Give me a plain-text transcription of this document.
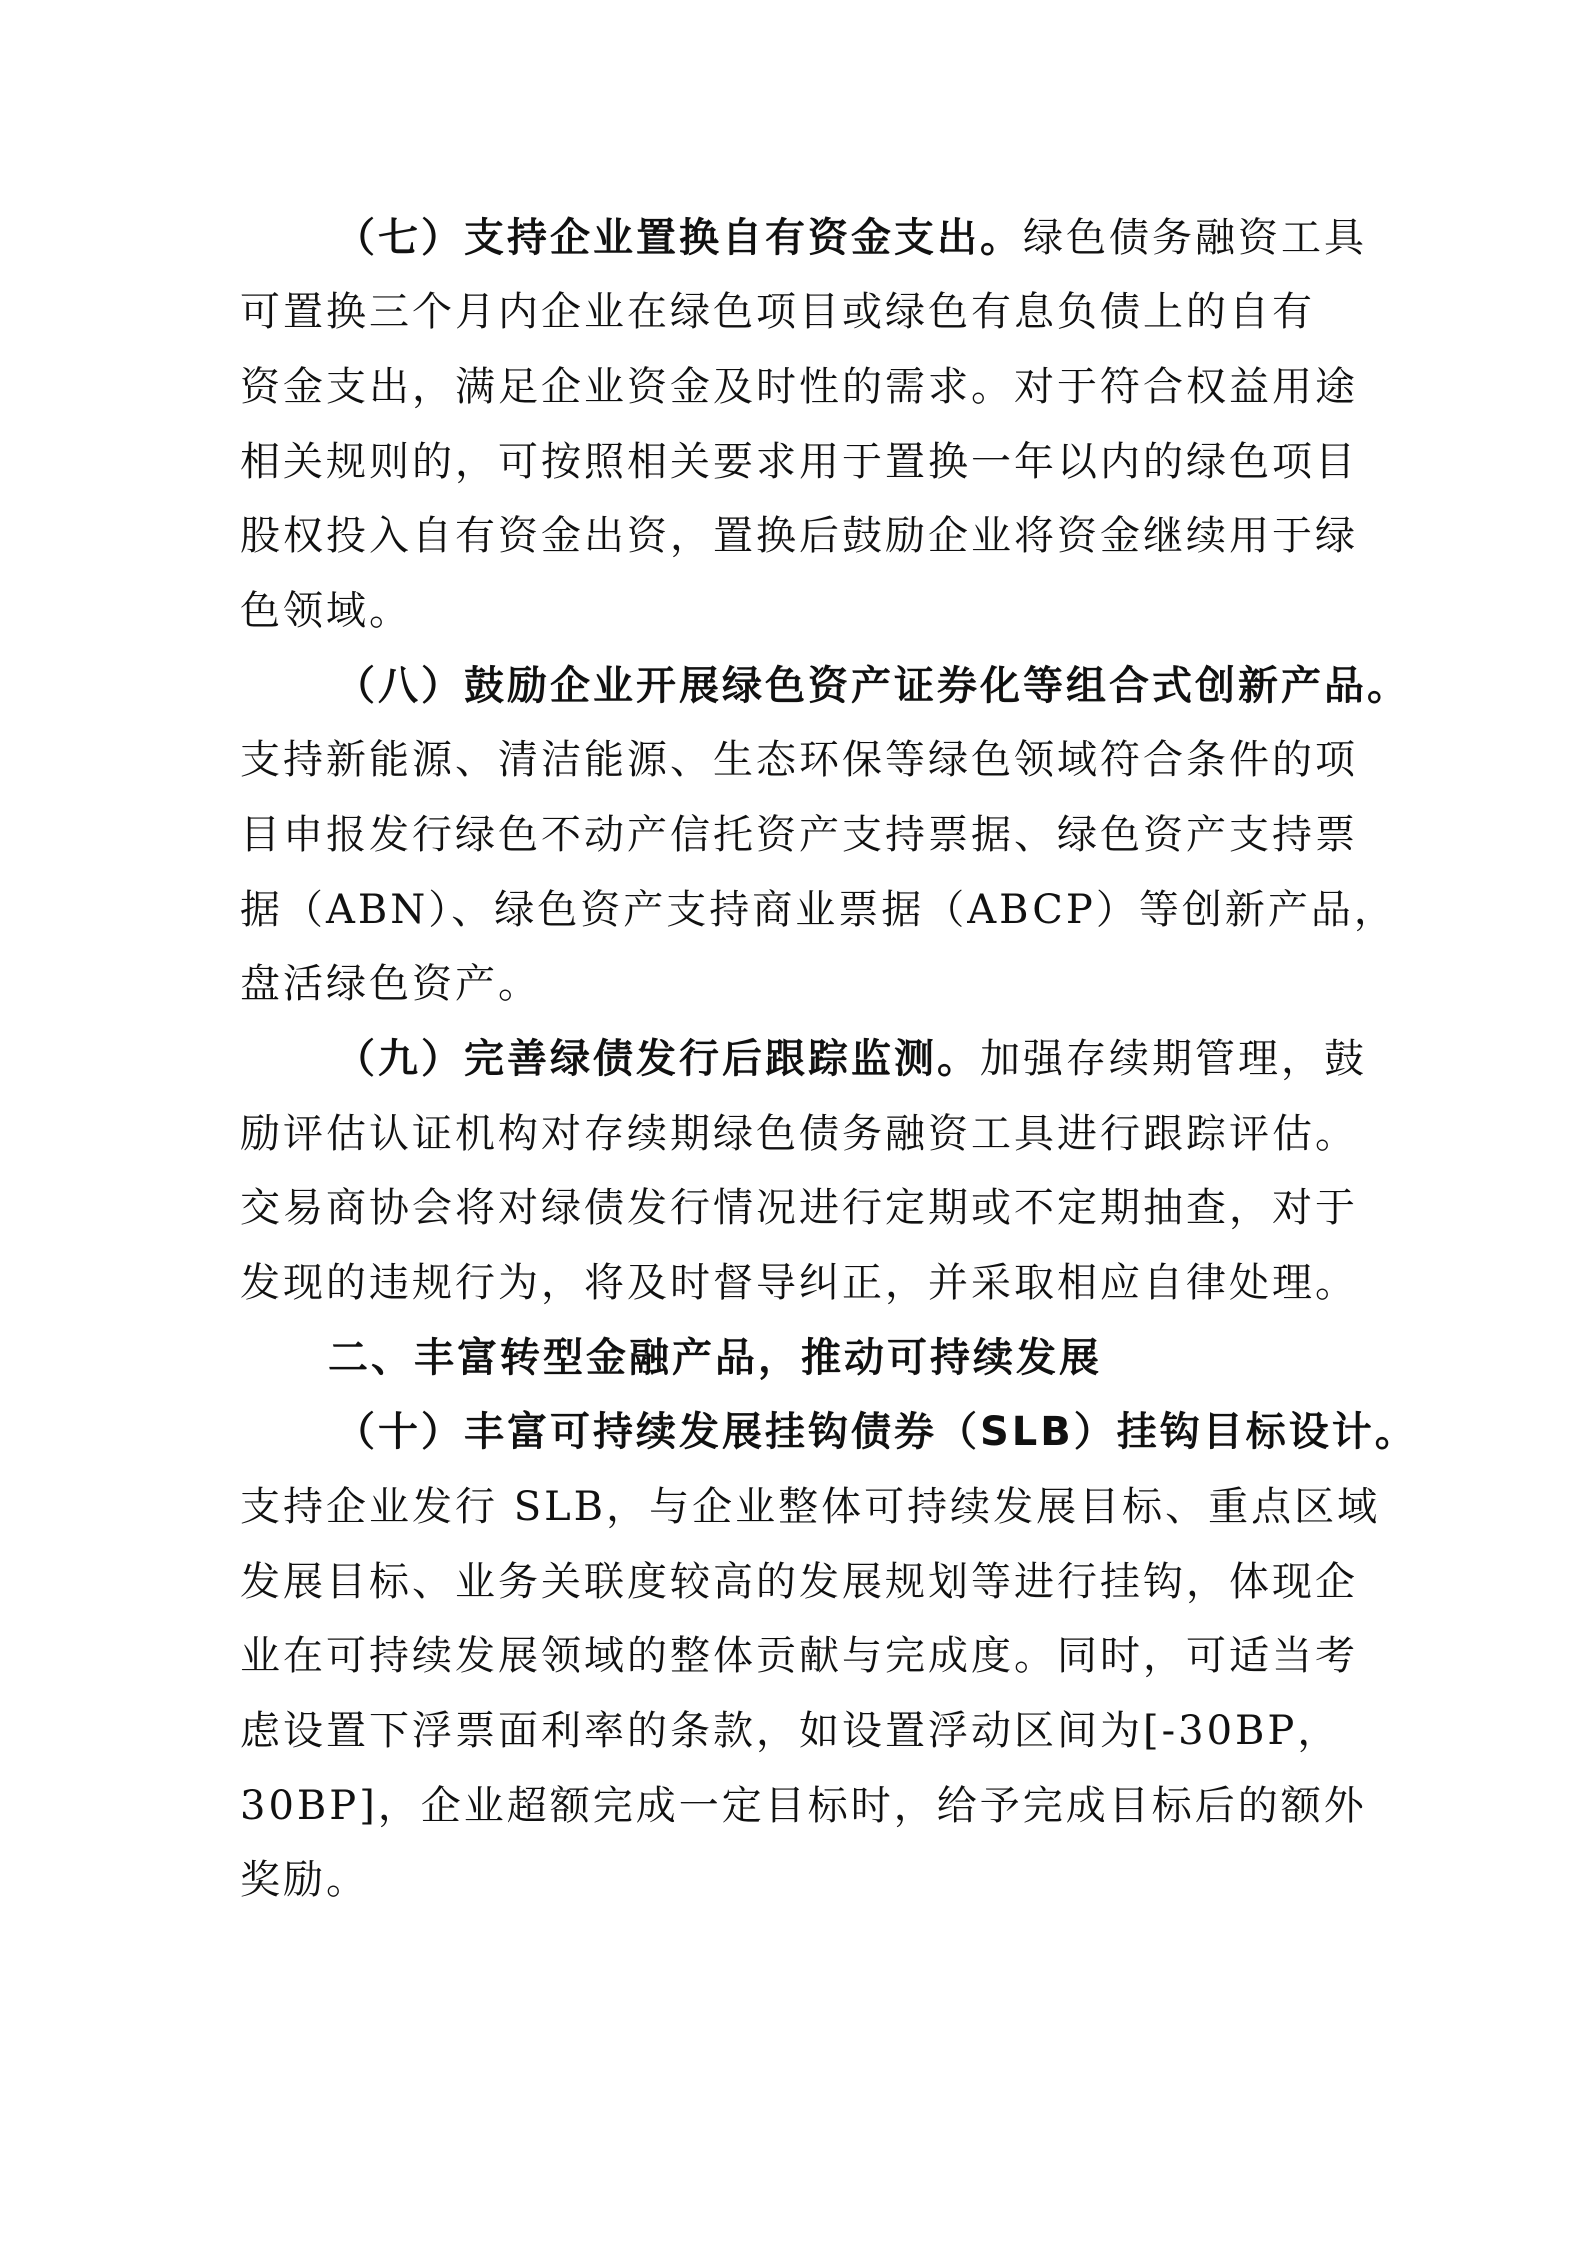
（七）支持企业置换自有资金支出。绿色债务融资工具
可置换三个月内企业在绿色项目或绿色有息负债上的自有
资金支出，满足企业资金及时性的需求。对于符合权益用途
相关规则的，可按照相关要求用于置换一年以内的绿色项目
股权投入自有资金出资，置换后鼓励企业将资金继续用于绿
色领域。
（八）鼓励企业开展绿色资产证券化等组合式创新产品。
支持新能源、清洁能源、生态环保等绿色领域符合条件的项
目申报发行绿色不动产信托资产支持票据、绿色资产支持票
据（ABN）、绿色资产支持商业票据（ABCP）等创新产品，
盘活绿色资产。
（九）完善绿债发行后跟踪监测。加强存续期管理，鼓
励评估认证机构对存续期绿色债务融资工具进行跟踪评估。
交易商协会将对绿债发行情况进行定期或不定期抽查，对于
发现的违规行为，将及时督导纠正，并采取相应自律处理。
二、丰富转型金融产品，推动可持续发展
（十）丰富可持续发展挂钩债券（SLB）挂钩目标设计。
支持企业发行 SLB，与企业整体可持续发展目标、重点区域
发展目标、业务关联度较高的发展规划等进行挂钩，体现企
业在可持续发展领域的整体贡献与完成度。同时，可适当考
虑设置下浮票面利率的条款，如设置浮动区间为[-30BP，
30BP]，企业超额完成一定目标时，给予完成目标后的额外
奖励。
